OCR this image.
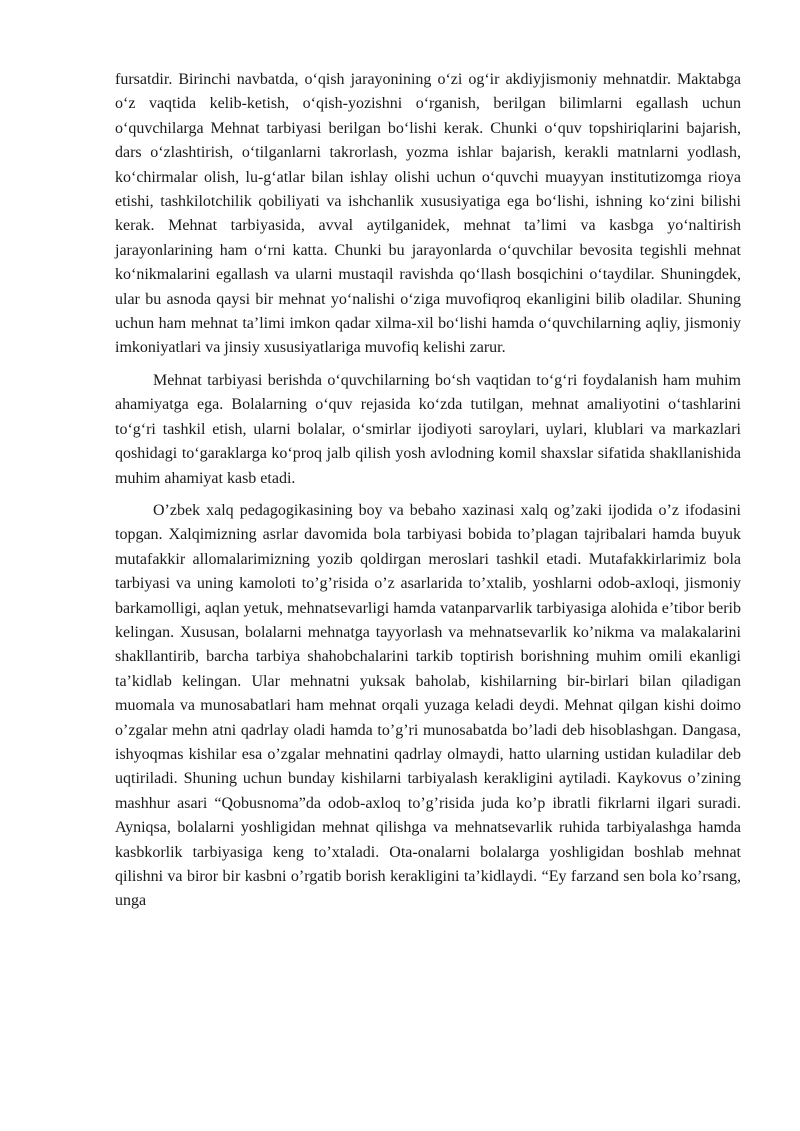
fursatdir. Birinchi navbatda, o‘qish jarayonining o‘zi og‘ir akdiyjismoniy mehnatdir. Maktabga o‘z vaqtida kelib-ketish, o‘qish-yozishni o‘rganish, berilgan bilimlarni egallash uchun o‘quvchilarga Mehnat tarbiyasi berilgan bo‘lishi kerak. Chunki o‘quv topshiriqlarini bajarish, dars o‘zlashtirish, o‘tilganlarni takrorlash, yozma ishlar bajarish, kerakli matnlarni yodlash, ko‘chirmalar olish, lu-g‘atlar bilan ishlay olishi uchun o‘quvchi muayyan institutizomga rioya etishi, tashkilotchilik qobiliyati va ishchanlik xususiyatiga ega bo‘lishi, ishning ko‘zini bilishi kerak. Mehnat tarbiyasida, avval aytilganidek, mehnat ta’limi va kasbga yo‘naltirish jarayonlarining ham o‘rni katta. Chunki bu jarayonlarda o‘quvchilar bevosita tegishli mehnat ko‘nikmalarini egallash va ularni mustaqil ravishda qo‘llash bosqichini o‘taydilar. Shuningdek, ular bu asnoda qaysi bir mehnat yo‘nalishi o‘ziga muvofiqroq ekanligini bilib oladilar. Shuning uchun ham mehnat ta’limi imkon qadar xilma-xil bo‘lishi hamda o‘quvchilarning aqliy, jismoniy imkoniyatlari va jinsiy xususiyatlariga muvofiq kelishi zarur.

Mehnat tarbiyasi berishda o‘quvchilarning bo‘sh vaqtidan to‘g‘ri foydalanish ham muhim ahamiyatga ega. Bolalarning o‘quv rejasida ko‘zda tutilgan, mehnat amaliyotini o‘tashlarini to‘g‘ri tashkil etish, ularni bolalar, o‘smirlar ijodiyoti saroylari, uylari, klublari va markazlari qoshidagi to‘garaklarga ko‘proq jalb qilish yosh avlodning komil shaxslar sifatida shakllanishida muhim ahamiyat kasb etadi.

O’zbek xalq pedagogikasining boy va bebaho xazinasi xalq og’zaki ijodida o’z ifodasini topgan. Xalqimizning asrlar davomida bola tarbiyasi bobida to’plagan tajribalari hamda buyuk mutafakkir allomalarimizning yozib qoldirgan meroslari tashkil etadi. Mutafakkirlarimiz bola tarbiyasi va uning kamoloti to’g’risida o’z asarlarida to’xtalib, yoshlarni odob-axloqi, jismoniy barkamolligi, aqlan yetuk, mehnatsevarligi hamda vatanparvarlik tarbiyasiga alohida e’tibor berib kelingan. Xususan, bolalarni mehnatga tayyorlash va mehnatsevarlik ko’nikma va malakalarini shakllantirib, barcha tarbiya shahobchalarini tarkib toptirish borishning muhim omili ekanligi ta’kidlab kelingan. Ular mehnatni yuksak baholab, kishilarning bir-birlari bilan qiladigan muomala va munosabatlari ham mehnat orqali yuzaga keladi deydi. Mehnat qilgan kishi doimo o’zgalar mehn atni qadrlay oladi hamda to’g’ri munosabatda bo’ladi deb hisoblashgan. Dangasa, ishyoqmas kishilar esa o’zgalar mehnatini qadrlay olmaydi, hatto ularning ustidan kuladilar deb uqtiriladi. Shuning uchun bunday kishilarni tarbiyalash kerakligini aytiladi. Kaykovus o’zining mashhur asari “Qobusnoma”da odob-axloq to’g’risida juda ko’p ibratli fikrlarni ilgari suradi. Ayniqsa, bolalarni yoshligidan mehnat qilishga va mehnatsevarlik ruhida tarbiyalashga hamda kasbkorlik tarbiyasiga keng to’xtaladi. Ota-onalarni bolalarga yoshligidan boshlab mehnat qilishni va biror bir kasbni o’rgatib borish kerakligini ta’kidlaydi. “Ey farzand sen bola ko’rsang, unga
